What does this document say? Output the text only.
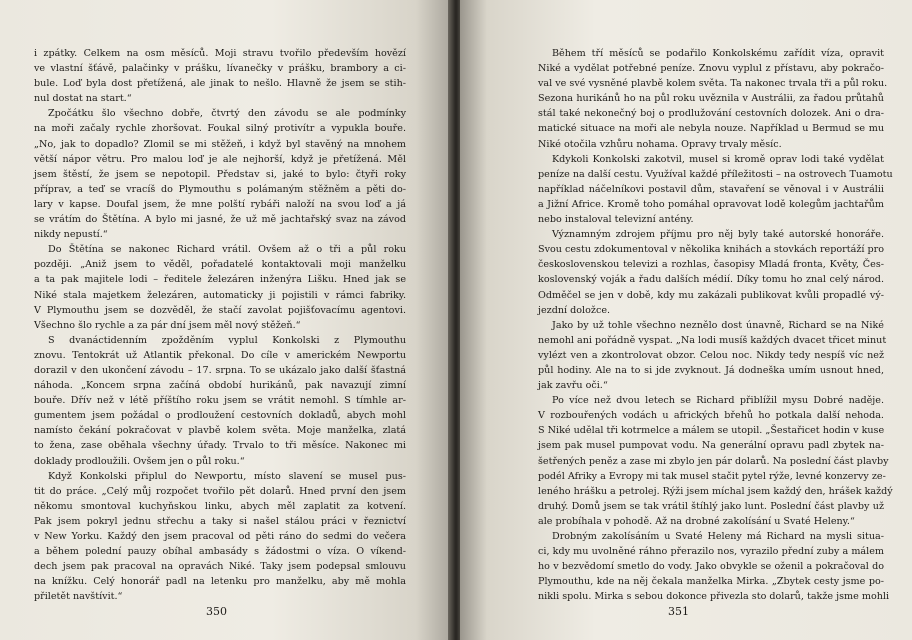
i zpátky. Celkem na osm měsíců. Moji stravu tvořilo především hovězí
ve vlastní šťávě, palačinky v prášku, lívanečky v prášku, brambory a ci-
bule. Loď byla dost přetížená, ale jinak to nešlo. Hlavně že jsem se stih-
nul dostat na start.“
Zpočátku šlo všechno dobře, čtvrtý den závodu se ale podmínky
na moři začaly rychle zhoršovat. Foukal silný protivítr a vypukla bouře.
„No, jak to dopadlo? Zlomil se mi stěžeň, i když byl stavěný na mnohem
větší nápor větru. Pro malou loď je ale nejhorší, když je přetížená. Měl
jsem štěstí, že jsem se nepotopil. Představ si, jaké to bylo: čtyři roky
příprav, a teď se vracíš do Plymouthu s polámaným stěžněm a pěti do-
lary v kapse. Doufal jsem, že mne polští rybáři naloží na svou loď a já
se vrátím do Štětína. A bylo mi jasné, že už mě jachtařský svaz na závod
nikdy nepustí.“
Do Štětína se nakonec Richard vrátil. Ovšem až o tři a půl roku
později. „Aniž jsem to věděl, pořadatelé kontaktovali moji manželku
a ta pak majitele lodi – ředitele železáren inženýra Lišku. Hned jak se
Niké stala majetkem železáren, automaticky ji pojistili v rámci fabriky.
V Plymouthu jsem se dozvěděl, že stačí zavolat pojišťovacímu agentovi.
Všechno šlo rychle a za pár dní jsem měl nový stěžeň.“
S dvanáctidenním zpožděním vyplul Konkolski z Plymouthu
znovu. Tentokrát už Atlantik překonal. Do cíle v americkém Newportu
dorazil v den ukončení závodu – 17. srpna. To se ukázalo jako další šťastná
náhoda. „Koncem srpna začíná období hurikánů, pak navazují zimní
bouře. Dřív než v létě příštího roku jsem se vrátit nemohl. S tímhle ar-
gumentem jsem požádal o prodloužení cestovních dokladů, abych mohl
namísto čekání pokračovat v plavbě kolem světa. Moje manželka, zlatá
to žena, zase oběhala všechny úřady. Trvalo to tři měsíce. Nakonec mi
doklady prodloužili. Ovšem jen o půl roku.“
Když Konkolski připlul do Newportu, místo slavení se musel pus-
tit do práce. „Celý můj rozpočet tvořilo pět dolarů. Hned první den jsem
někomu smontoval kuchyňskou linku, abych měl zaplatit za kotvení.
Pak jsem pokryl jednu střechu a taky si našel stálou práci v řeznictví
v New Yorku. Každý den jsem pracoval od pěti ráno do sedmi do večera
a během polední pauzy obíhal ambasády s žádostmi o víza. O víkend-
dech jsem pak pracoval na opravách Niké. Taky jsem podepsal smlouvu
na knížku. Celý honorář padl na letenku pro manželku, aby mě mohla
přiletět navštívit.“
350
Během tří měsíců se podařilo Konkolskému zařídit víza, opravit
Niké a vydělat potřebné peníze. Znovu vyplul z přístavu, aby pokračo-
val ve své vysněné plavbě kolem světa. Ta nakonec trvala tři a půl roku.
Sezona hurikánů ho na půl roku uvěznila v Austrálii, za řadou průtahů
stál také nekonečný boj o prodlužování cestovních dolozek. Ani o dra-
matické situace na moři ale nebyla nouze. Například u Bermud se mu
Niké otočila vzhůru nohama. Opravy trvaly měsíc.
Kdykoli Konkolski zakotvil, musel si kromě oprav lodi také vydělat
peníze na další cestu. Využíval každé příležitosti – na ostrovech Tuamotu
například náčelníkovi postavil dům, stavaření se věnoval i v Austrálii
a Jižní Africe. Kromě toho pomáhal opravovat lodě kolegům jachtařům
nebo instaloval televizní antény.
Významným zdrojem příjmu pro něj byly také autorské honoráře.
Svou cestu zdokumentoval v několika knihách a stovkách reportáží pro
československou televizi a rozhlas, časopisy Mladá fronta, Květy, Čes-
koslovenský voják a řadu dalších médií. Díky tomu ho znal celý národ.
Odměčel se jen v době, kdy mu zakázali publikovat kvůli propadlé vý-
jezdní doložce.
Jako by už tohle všechno neznělo dost únavně, Richard se na Niké
nemohl ani pořádně vyspat. „Na lodi musíš každých dvacet třicet minut
vylézt ven a zkontrolovat obzor. Celou noc. Nikdy tedy nespíš víc než
půl hodiny. Ale na to si jde zvyknout. Já dodneška umím usnout hned,
jak zavřu oči.“
Po více než dvou letech se Richard přiblížil mysu Dobré naděje.
V rozbouřených vodách u afrických břehů ho potkala další nehoda.
S Niké udělal tři kotrmelce a málem se utopil. „Šestařicet hodin v kuse
jsem pak musel pumpovat vodu. Na generální opravu padl zbytek na-
šetřených peněz a zase mi zbylo jen pár dolarů. Na poslední část plavby
podél Afriky a Evropy mi tak musel stačit pytel rýže, levné konzervy ze-
leného hrášku a petrolej. Rýži jsem míchal jsem každý den, hrášek každý
druhý. Domů jsem se tak vrátil štíhlý jako lunt. Poslední část plavby už
ale probíhala v pohodě. Až na drobné zakolísání u Svaté Heleny.“
Drobným zakolísáním u Svaté Heleny má Richard na mysli situa-
ci, kdy mu uvolněné ráhno přerazilo nos, vyrazilo přední zuby a málem
ho v bezvědomí smetlo do vody. Jako obvykle se oženil a pokračoval do
Plymouthu, kde na něj čekala manželka Mirka. „Zbytek cesty jsme po-
nikli spolu. Mirka s sebou dokonce přivezla sto dolarů, takže jsme mohli
351
